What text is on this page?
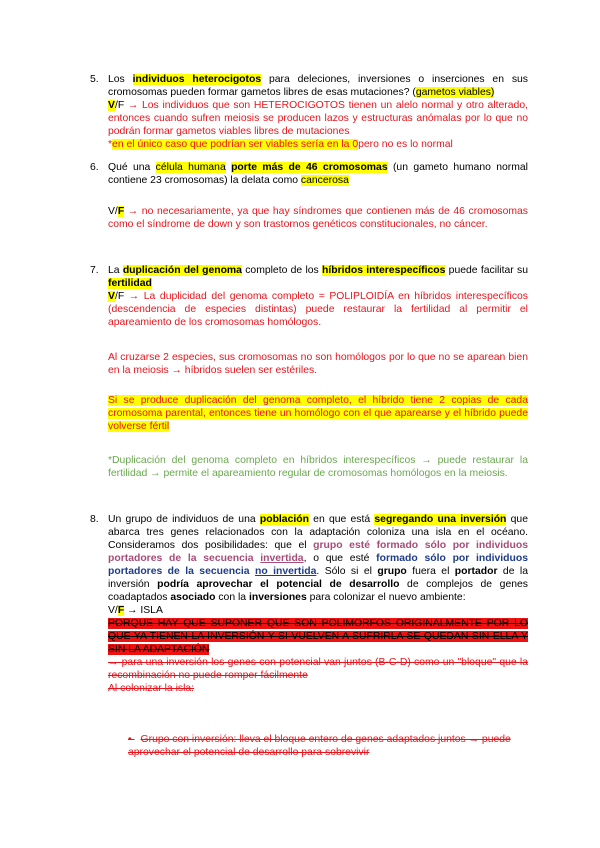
5. Los individuos heterocigotos para deleciones, inversiones o inserciones en sus cromosomas pueden formar gametos libres de esas mutaciones? (gametos viables)
V/F → Los individuos que son HETEROCIGOTOS tienen un alelo normal y otro alterado, entonces cuando sufren meiosis se producen lazos y estructuras anómalas por lo que no podrán formar gametos viables libres de mutaciones
*en el único caso que podrían ser viables sería en la 0pero no es lo normal
6. Qué una célula humana porte más de 46 cromosomas (un gameto humano normal contiene 23 cromosomas) la delata como cancerosa
V/F → no necesariamente, ya que hay síndromes que contienen más de 46 cromosomas como el síndrome de down y son trastornos genéticos constitucionales, no cáncer.
7. La duplicación del genoma completo de los híbridos interespecíficos puede facilitar su fertilidad
V/F → La duplicidad del genoma completo = POLIPLOIDÍA en híbridos interespecíficos (descendencia de especies distintas) puede restaurar la fertilidad al permitir el apareamiento de los cromosomas homólogos.
Al cruzarse 2 especies, sus cromosomas no son homólogos por lo que no se aparean bien en la meiosis → híbridos suelen ser estériles.
Si se produce duplicación del genoma completo, el híbrido tiene 2 copias de cada cromosoma parental, entonces tiene un homólogo con el que aparearse y el híbrido puede volverse fértil
*Duplicación del genoma completo en híbridos interespecíficos → puede restaurar la fertilidad → permite el apareamiento regular de cromosomas homólogos en la meiosis.
8. Un grupo de individuos de una población en que está segregando una inversión que abarca tres genes relacionados con la adaptación coloniza una isla en el océano. Consideramos dos posibilidades: que el grupo esté formado sólo por individuos portadores de la secuencia invertida, o que esté formado sólo por individuos portadores de la secuencia no invertida. Sólo si el grupo fuera el portador de la inversión podría aprovechar el potencial de desarrollo de complejos de genes coadaptados asociado con la inversiones para colonizar el nuevo ambiente:
V/F → ISLA
PORQUE HAY QUE SUPONER QUE SON POLIMORFOS ORIGINALMENTE POR LO QUE YA TIENEN LA INVERSIÓN Y SI VUELVEN A SUFRIRLA SE QUEDAN SIN ELLA Y SIN LA ADAPTACIÓN
→ para una inversión los genes con potencial van juntos (B-C-D) como un "bloque" que la recombinación no puede romper fácilmente
Al colonizar la isla:
• Grupo con inversión: lleva el bloque entero de genes adaptados juntos → puede aprovechar el potencial de desarrollo para sobrevivir
